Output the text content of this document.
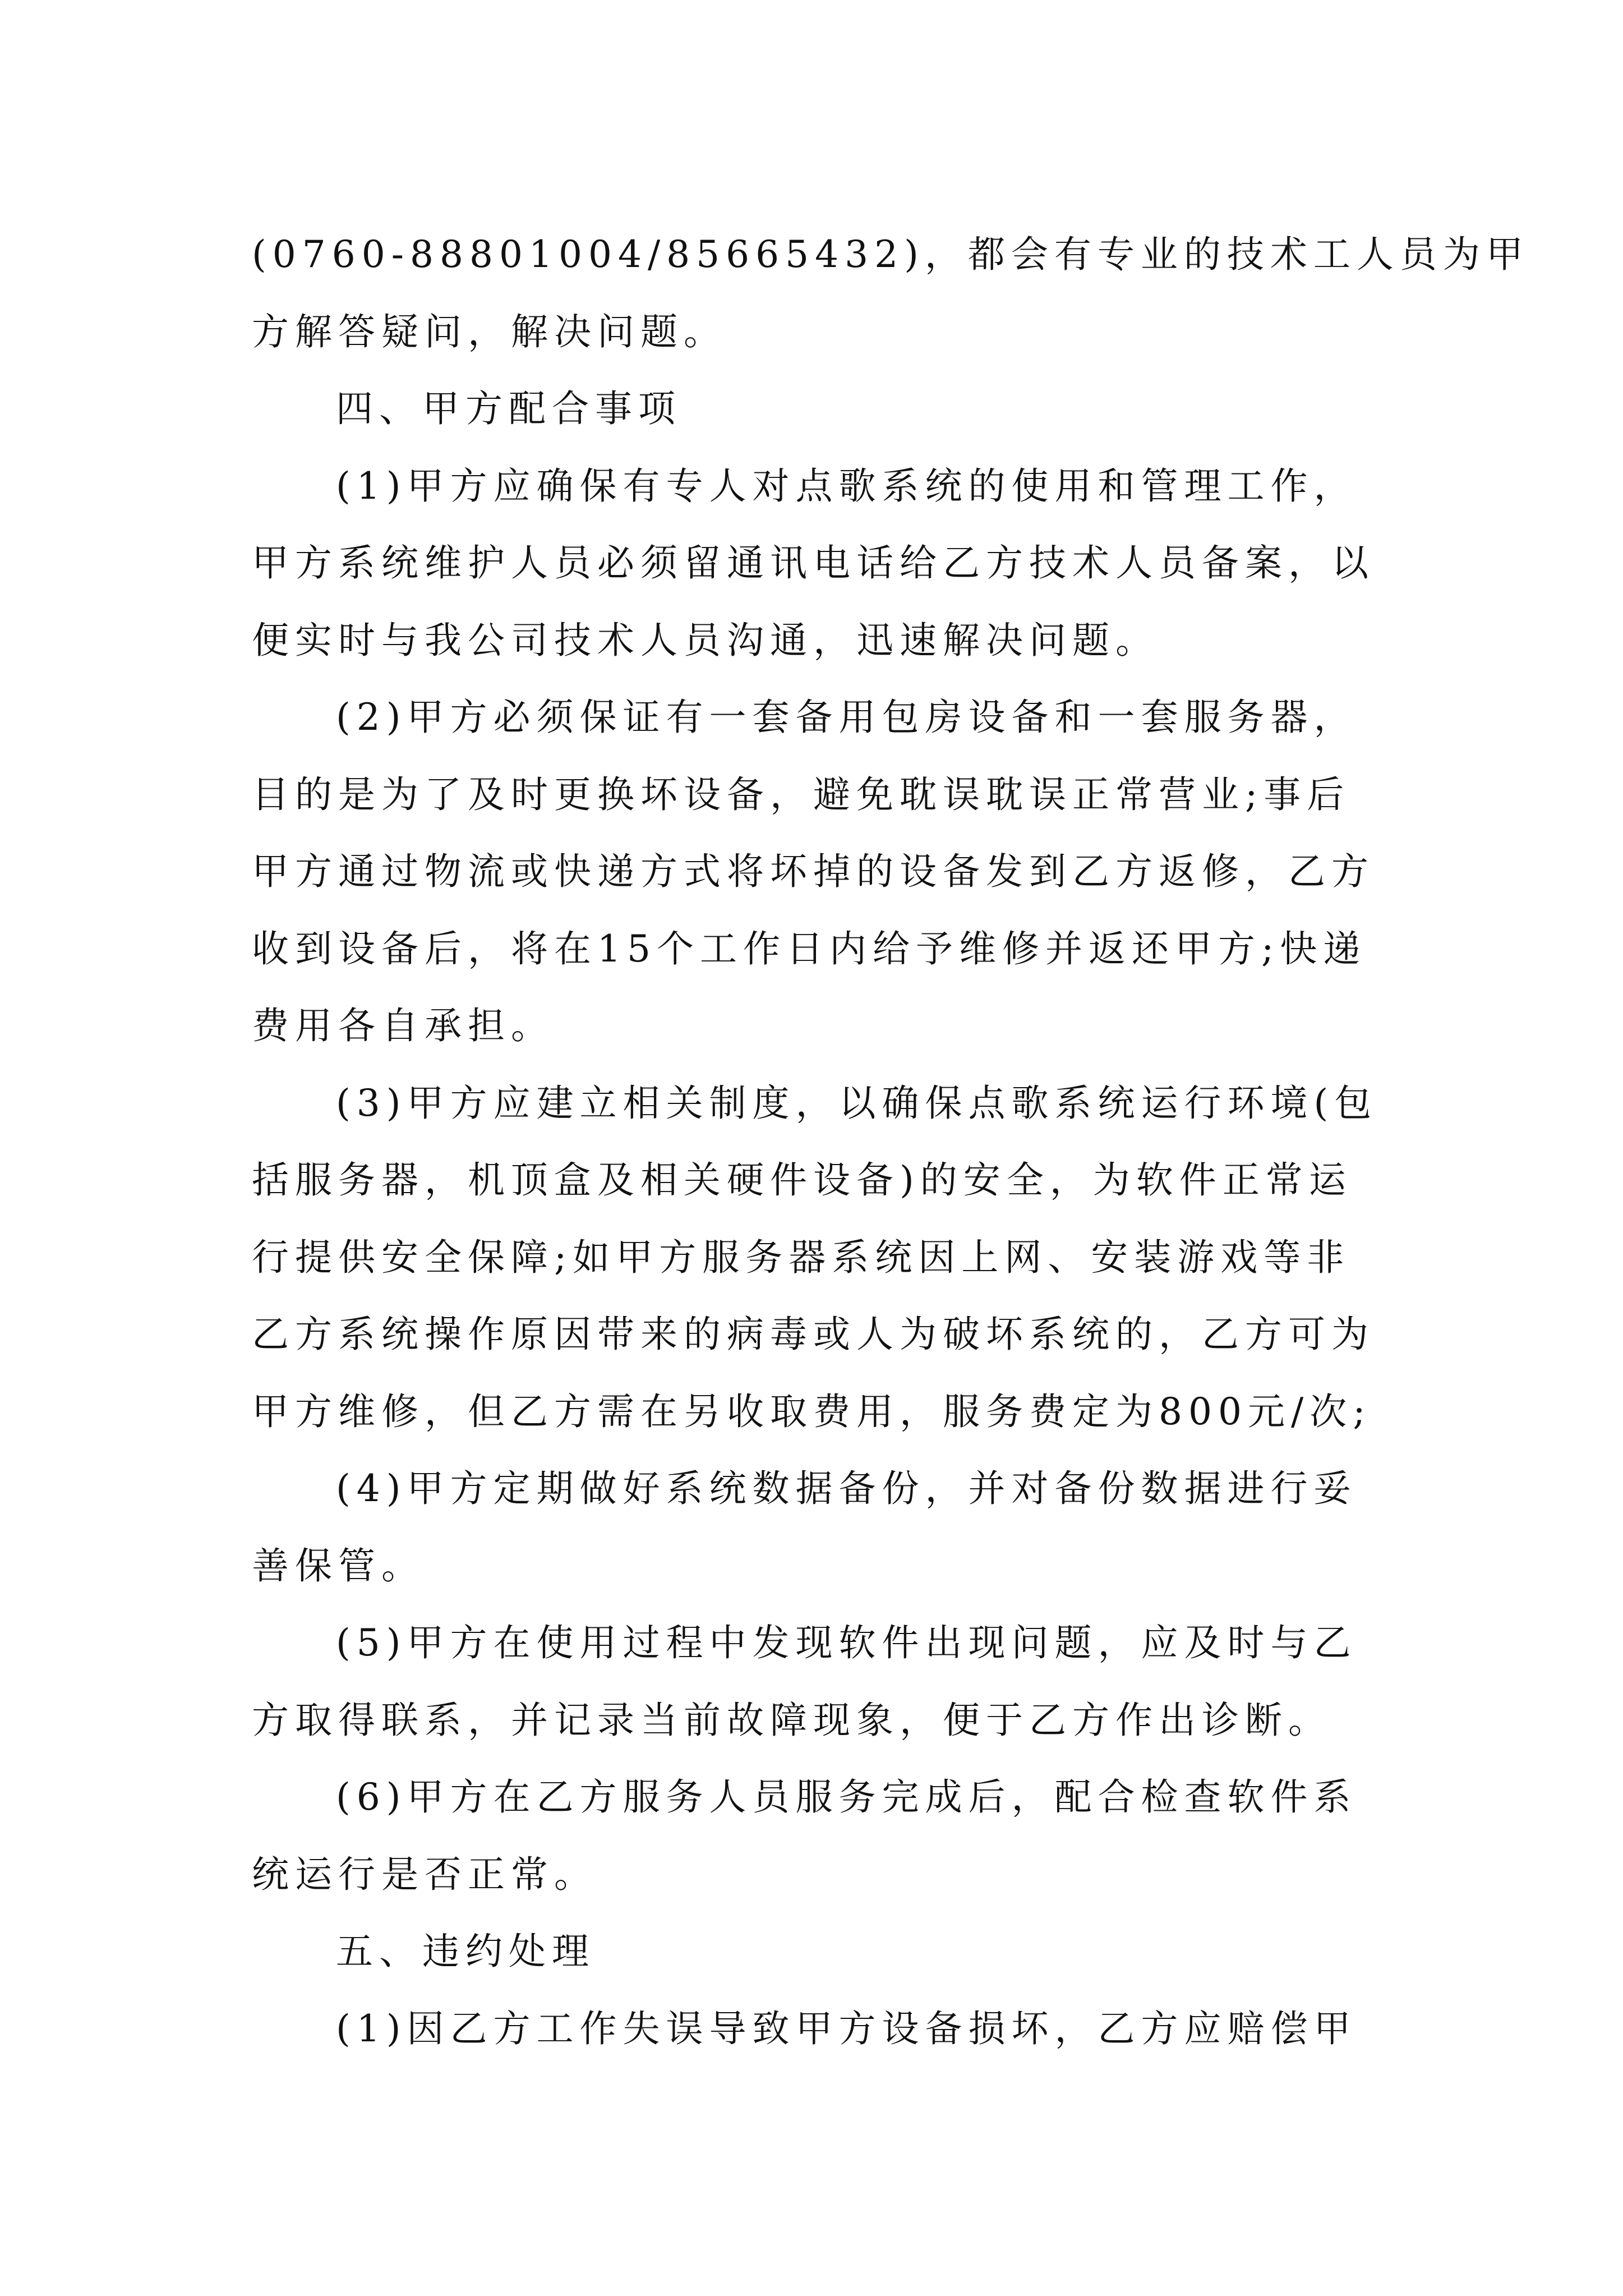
(0760-88801004/85665432)，都会有专业的技术工人员为甲
方解答疑问，解决问题。
四、甲方配合事项
(1)甲方应确保有专人对点歌系统的使用和管理工作，
甲方系统维护人员必须留通讯电话给乙方技术人员备案，以
便实时与我公司技术人员沟通，迅速解决问题。
(2)甲方必须保证有一套备用包房设备和一套服务器，
目的是为了及时更换坏设备，避免耽误耽误正常营业;事后
甲方通过物流或快递方式将坏掉的设备发到乙方返修，乙方
收到设备后，将在15个工作日内给予维修并返还甲方;快递
费用各自承担。
(3)甲方应建立相关制度，以确保点歌系统运行环境(包
括服务器，机顶盒及相关硬件设备)的安全，为软件正常运
行提供安全保障;如甲方服务器系统因上网、安装游戏等非
乙方系统操作原因带来的病毒或人为破坏系统的，乙方可为
甲方维修，但乙方需在另收取费用，服务费定为800元/次;
(4)甲方定期做好系统数据备份，并对备份数据进行妥
善保管。
(5)甲方在使用过程中发现软件出现问题，应及时与乙
方取得联系，并记录当前故障现象，便于乙方作出诊断。
(6)甲方在乙方服务人员服务完成后，配合检查软件系
统运行是否正常。
五、违约处理
(1)因乙方工作失误导致甲方设备损坏，乙方应赔偿甲
